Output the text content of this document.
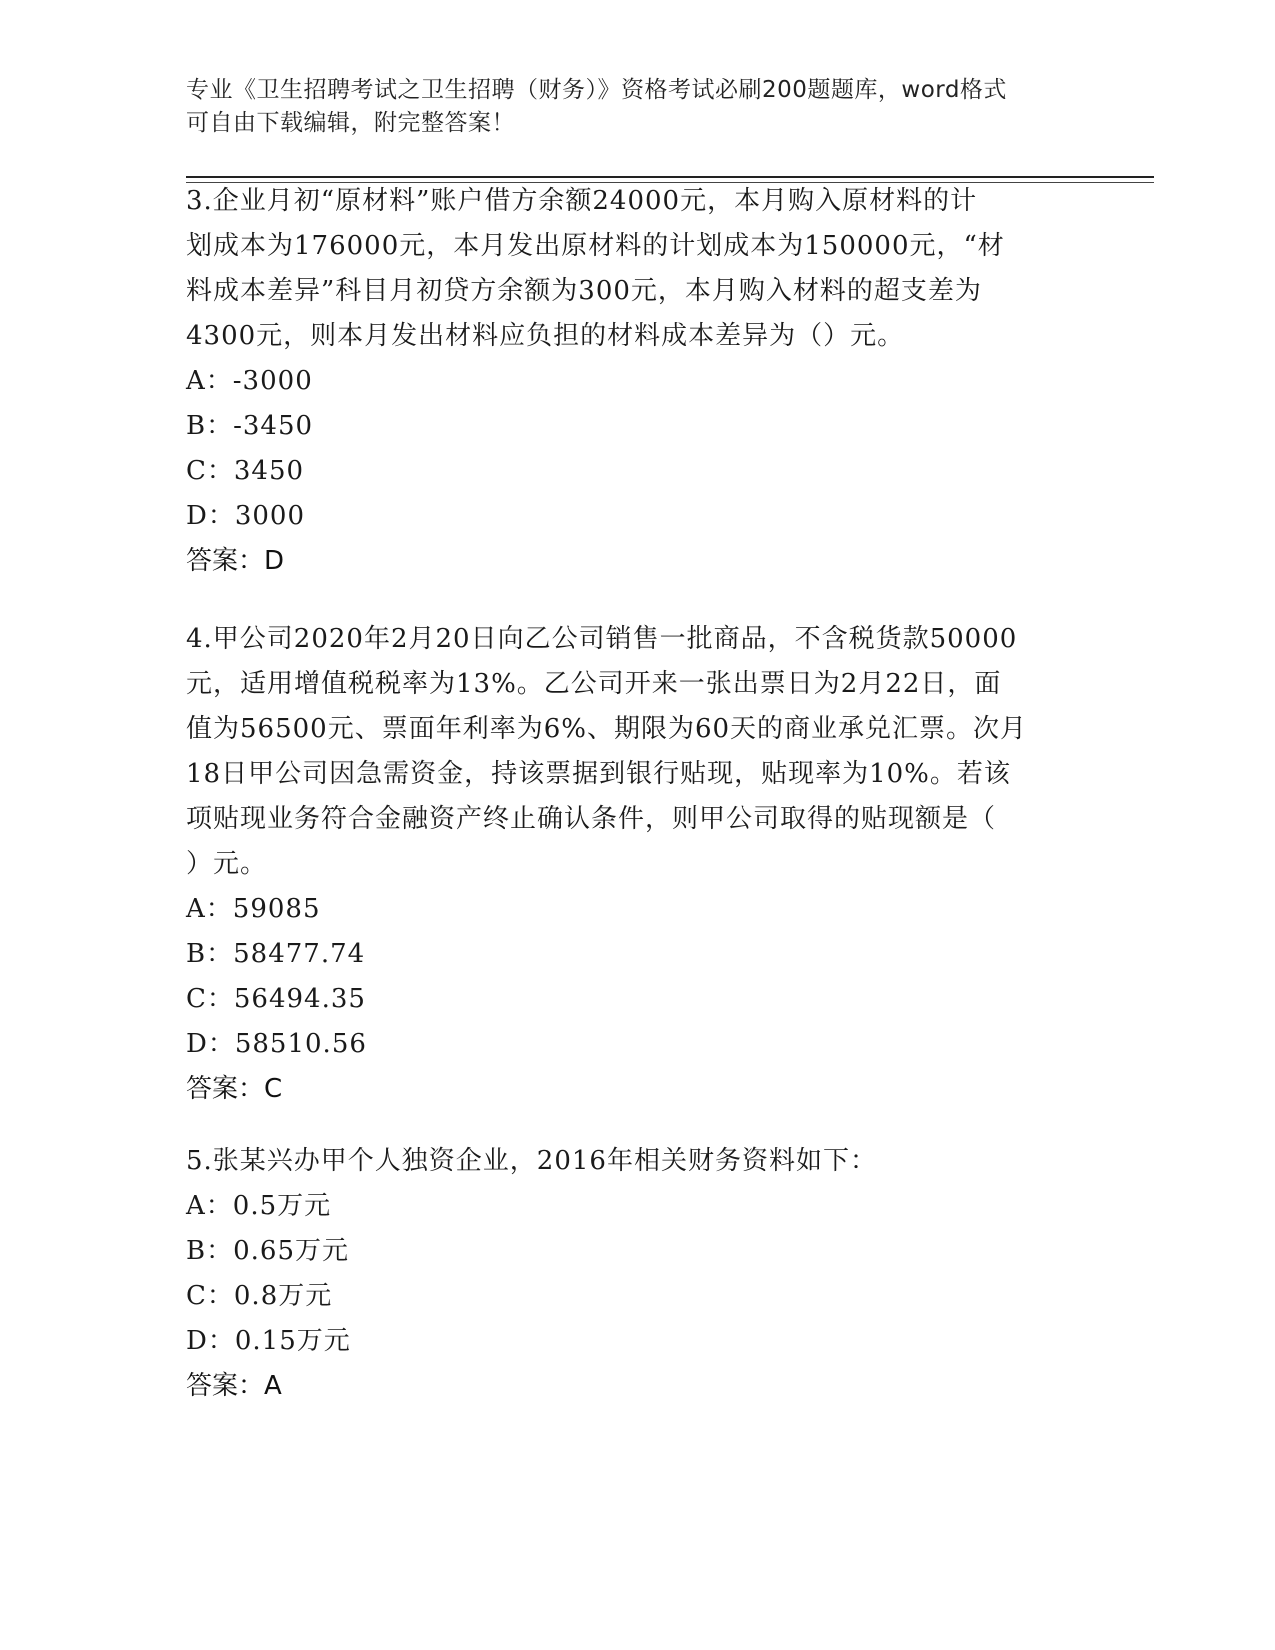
专业《卫生招聘考试之卫生招聘（财务）》资格考试必刷200题题库，word格式
可自由下载编辑，附完整答案！
3.企业月初“原材料”账户借方余额24000元，本月购入原材料的计
划成本为176000元，本月发出原材料的计划成本为150000元，“材
料成本差异”科目月初贷方余额为300元，本月购入材料的超支差为
4300元，则本月发出材料应负担的材料成本差异为（）元。
A：-3000
B：-3450
C：3450
D：3000
答案：D
4.甲公司2020年2月20日向乙公司销售一批商品，不含税货款50000
元，适用增值税税率为13%。乙公司开来一张出票日为2月22日，面
值为56500元、票面年利率为6%、期限为60天的商业承兑汇票。次月
18日甲公司因急需资金，持该票据到银行贴现，贴现率为10%。若该
项贴现业务符合金融资产终止确认条件，则甲公司取得的贴现额是（
）元。
A：59085
B：58477.74
C：56494.35
D：58510.56
答案：C
5.张某兴办甲个人独资企业，2016年相关财务资料如下：
A：0.5万元
B：0.65万元
C：0.8万元
D：0.15万元
答案：A
